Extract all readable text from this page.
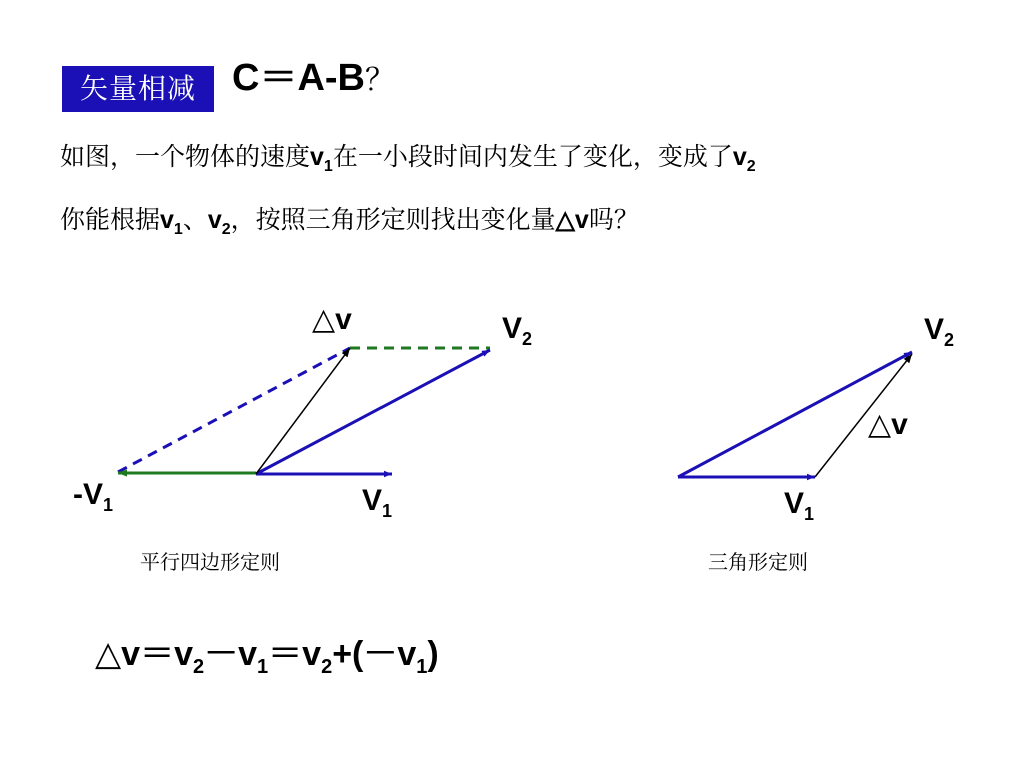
矢量相减 C＝A-B？
如图，一个物体的速度$v_1$在一小段时间内发生了变化，变成了$v_2$
你能根据$v_1$、$v_2$，按照三角形定则找出变化量△v吗？
△v	$V_2$
$-V_1$	$V_1$
平行四边形定则
$V_2$
△v
$V_1$
三角形定则
$\triangle v=v_2-v_1=v_2+(-v_1)$
